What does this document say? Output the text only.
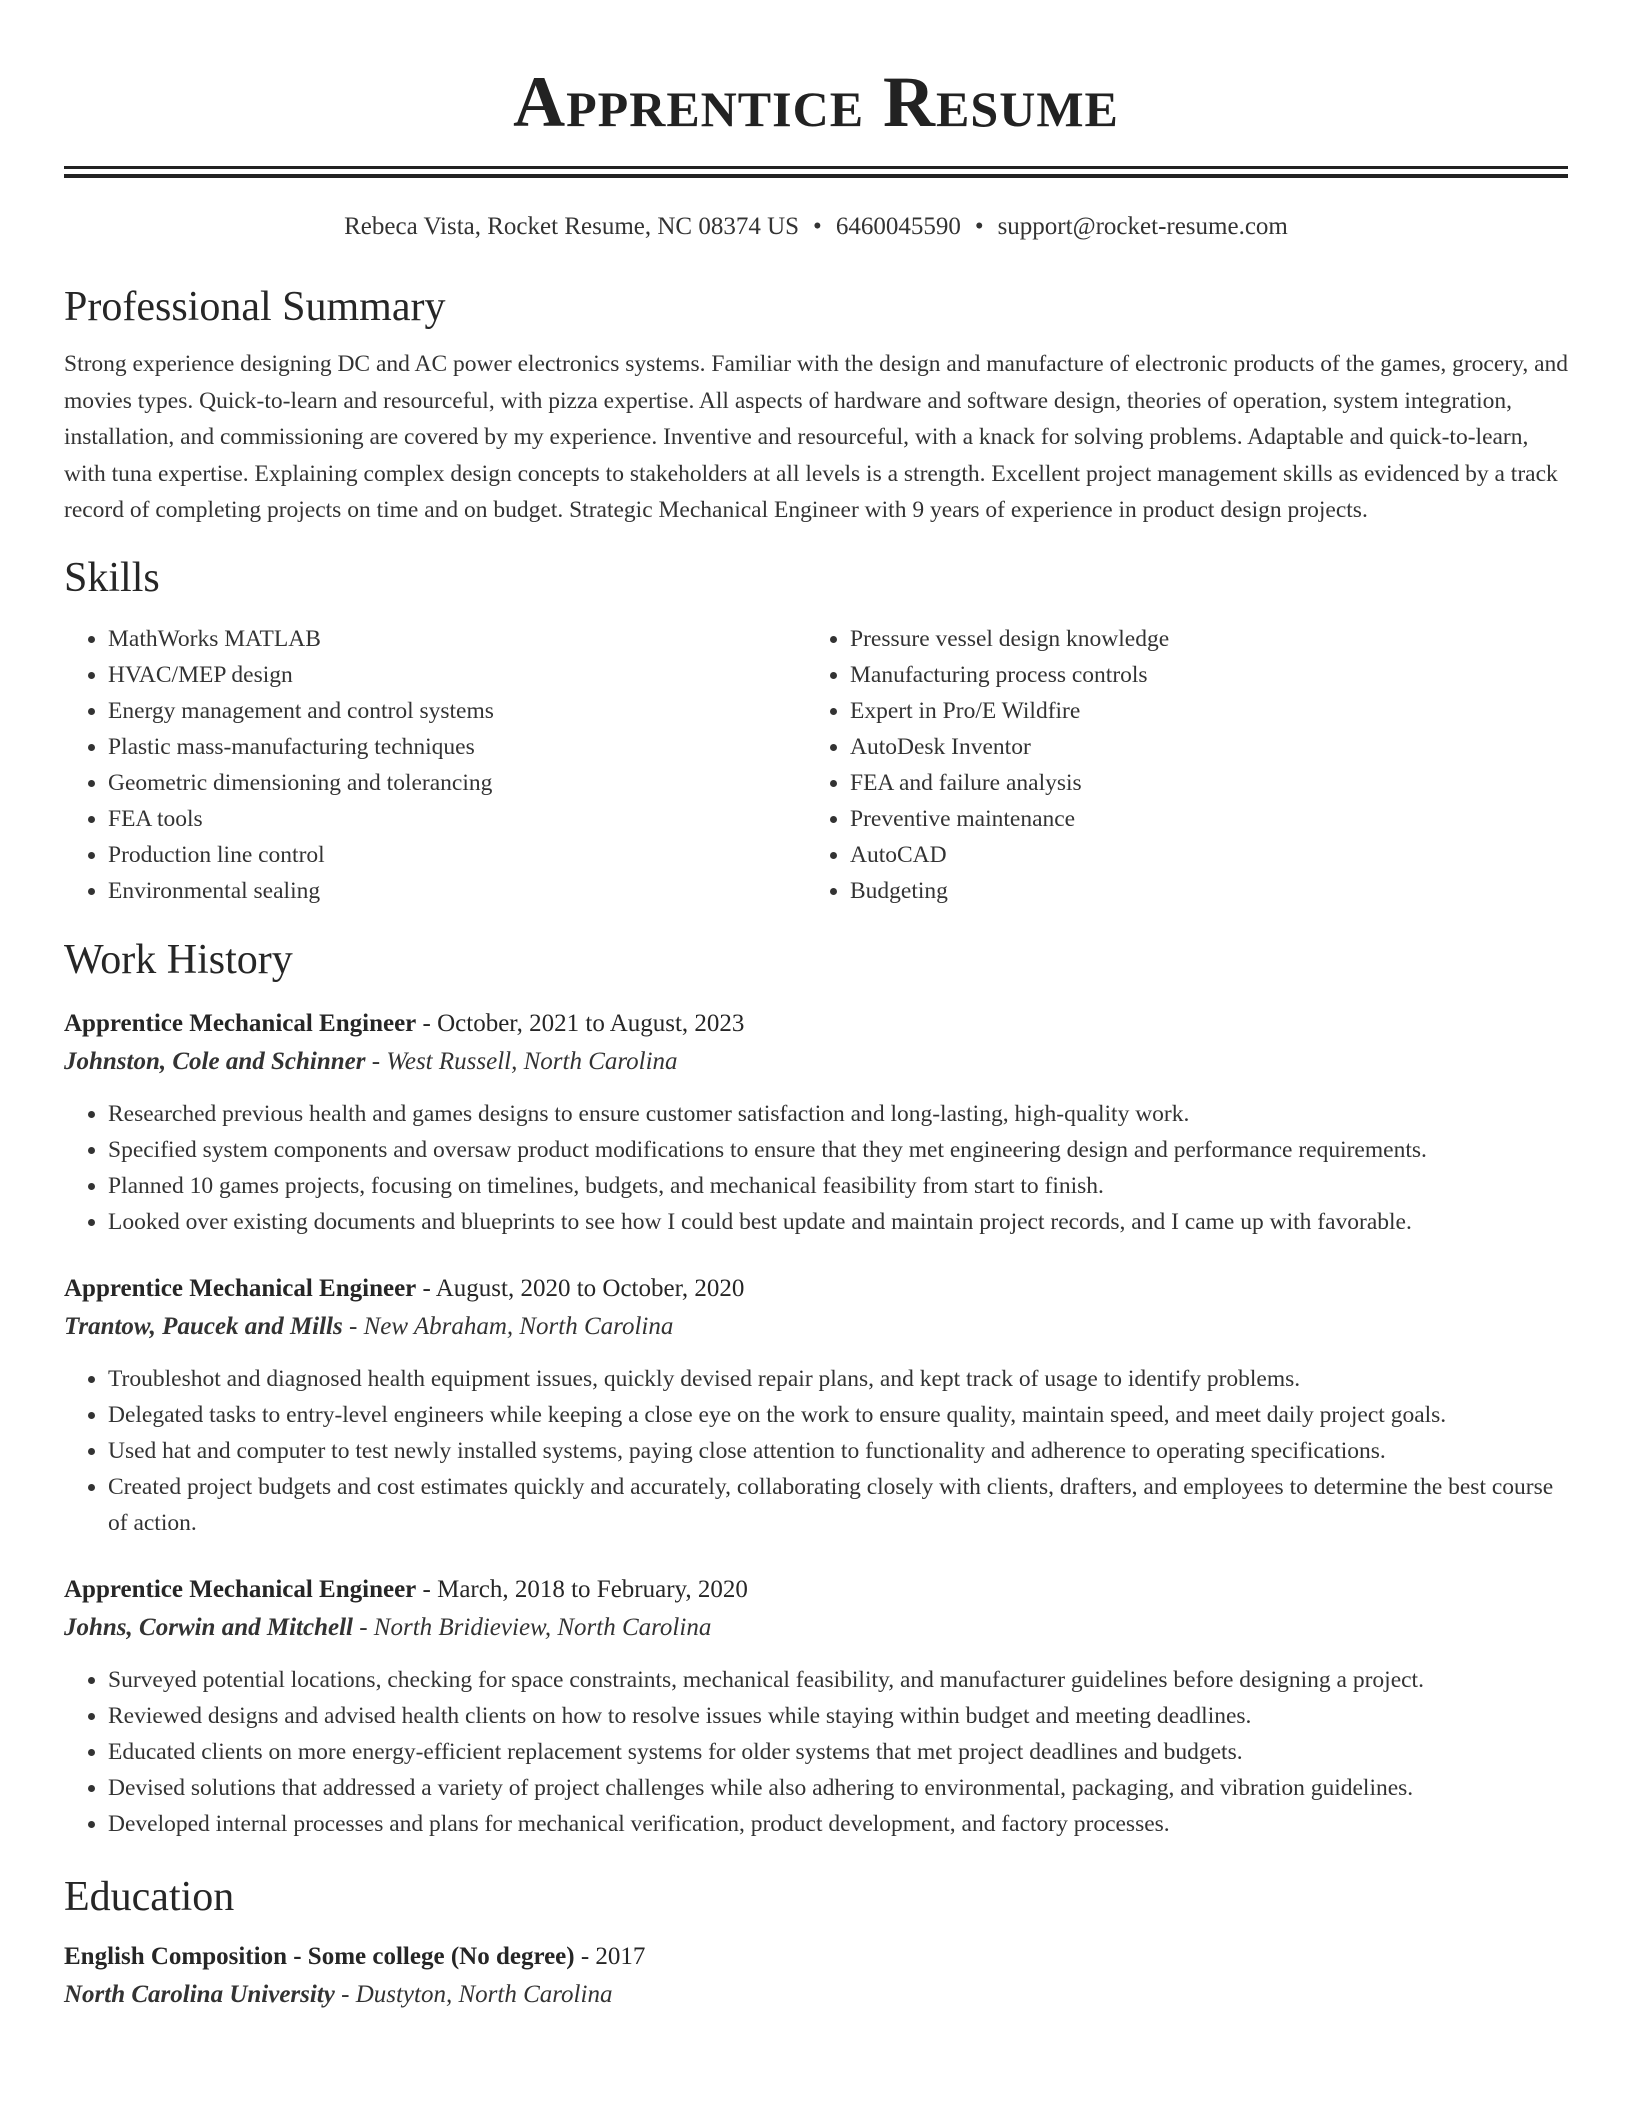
Apprentice Resume
Rebeca Vista, Rocket Resume, NC 08374 US • 6460045590 • support@rocket-resume.com
Professional Summary

Strong experience designing DC and AC power electronics systems. Familiar with the design and manufacture of electronic products of the games, grocery, and movies types. Quick-to-learn and resourceful, with pizza expertise. All aspects of hardware and software design, theories of operation, system integration, installation, and commissioning are covered by my experience. Inventive and resourceful, with a knack for solving problems. Adaptable and quick-to-learn, with tuna expertise. Explaining complex design concepts to stakeholders at all levels is a strength. Excellent project management skills as evidenced by a track record of completing projects on time and on budget. Strategic Mechanical Engineer with 9 years of experience in product design projects.

Skills
• MathWorks MATLAB
• HVAC/MEP design
• Energy management and control systems
• Plastic mass-manufacturing techniques
• Geometric dimensioning and tolerancing
• FEA tools
• Production line control
• Environmental sealing
• Pressure vessel design knowledge
• Manufacturing process controls
• Expert in Pro/E Wildfire
• AutoDesk Inventor
• FEA and failure analysis
• Preventive maintenance
• AutoCAD
• Budgeting
Work History
Apprentice Mechanical Engineer - October, 2021 to August, 2023
Johnston, Cole and Schinner - West Russell, North Carolina
• Researched previous health and games designs to ensure customer satisfaction and long-lasting, high-quality work.
• Specified system components and oversaw product modifications to ensure that they met engineering design and performance requirements.
• Planned 10 games projects, focusing on timelines, budgets, and mechanical feasibility from start to finish.
• Looked over existing documents and blueprints to see how I could best update and maintain project records, and I came up with favorable.
Apprentice Mechanical Engineer - August, 2020 to October, 2020
Trantow, Paucek and Mills - New Abraham, North Carolina
• Troubleshot and diagnosed health equipment issues, quickly devised repair plans, and kept track of usage to identify problems.
• Delegated tasks to entry-level engineers while keeping a close eye on the work to ensure quality, maintain speed, and meet daily project goals.
• Used hat and computer to test newly installed systems, paying close attention to functionality and adherence to operating specifications.
• Created project budgets and cost estimates quickly and accurately, collaborating closely with clients, drafters, and employees to determine the best course of action.
Apprentice Mechanical Engineer - March, 2018 to February, 2020
Johns, Corwin and Mitchell - North Bridieview, North Carolina
• Surveyed potential locations, checking for space constraints, mechanical feasibility, and manufacturer guidelines before designing a project.
• Reviewed designs and advised health clients on how to resolve issues while staying within budget and meeting deadlines.
• Educated clients on more energy-efficient replacement systems for older systems that met project deadlines and budgets.
• Devised solutions that addressed a variety of project challenges while also adhering to environmental, packaging, and vibration guidelines.
• Developed internal processes and plans for mechanical verification, product development, and factory processes.
Education
English Composition - Some college (No degree) - 2017
North Carolina University - Dustyton, North Carolina
